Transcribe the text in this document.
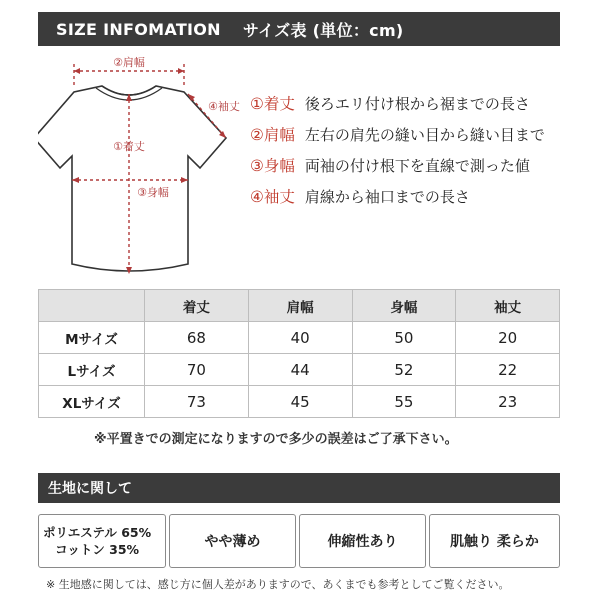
SIZE INFOMATION サイズ表 (単位：cm)
②肩幅
④袖丈
①着丈
③身幅
①着丈 後ろエリ付け根から裾までの長さ
②肩幅 左右の肩先の縫い目から縫い目まで
③身幅 両袖の付け根下を直線で測った値
④袖丈 肩線から袖口までの長さ
	着丈	肩幅	身幅	袖丈
Mサイズ	68	40	50	20
Lサイズ	70	44	52	22
XLサイズ	73	45	55	23
※平置きでの測定になりますので多少の誤差はご了承下さい。
生地に関して
ポリエステル 65%
コットン 35%	やや薄め	伸縮性あり	肌触り 柔らか
※ 生地感に関しては、感じ方に個人差がありますので、あくまでも参考としてご覧ください。
